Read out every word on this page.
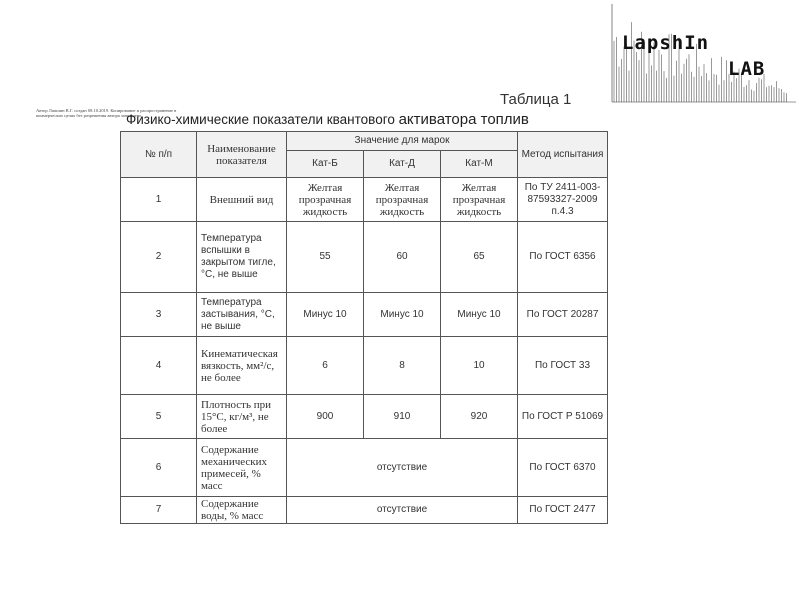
LapshIn
LAB
Автор Лапшин В.Г. создан 08.10.2019. Копирование и распространение в коммерческих целях без разрешения автора запрещено
Таблица 1
Физико-химические показатели квантового активатора топлив
№ п/п	Наименование показателя	Значение для марок			Метод испытания
		Кат-Б	Кат-Д	Кат-М	
1	Внешний вид	Желтая прозрачная жидкость	Желтая прозрачная жидкость	Желтая прозрачная жидкость	По ТУ 2411-003-87593327-2009 п.4.3
2	Температура вспышки в закрытом тигле, °С, не выше	55	60	65	По ГОСТ 6356
3	Температура застывания, °С, не выше	Минус 10	Минус 10	Минус 10	По ГОСТ 20287
4	Кинематическая вязкость, мм²/с, не более	6	8	10	По ГОСТ 33
5	Плотность при 15°С, кг/м³, не более	900	910	920	По ГОСТ Р 51069
6	Содержание механических примесей, % масс	отсутствие			По ГОСТ 6370
7	Содержание воды, % масс	отсутствие			По ГОСТ 2477
